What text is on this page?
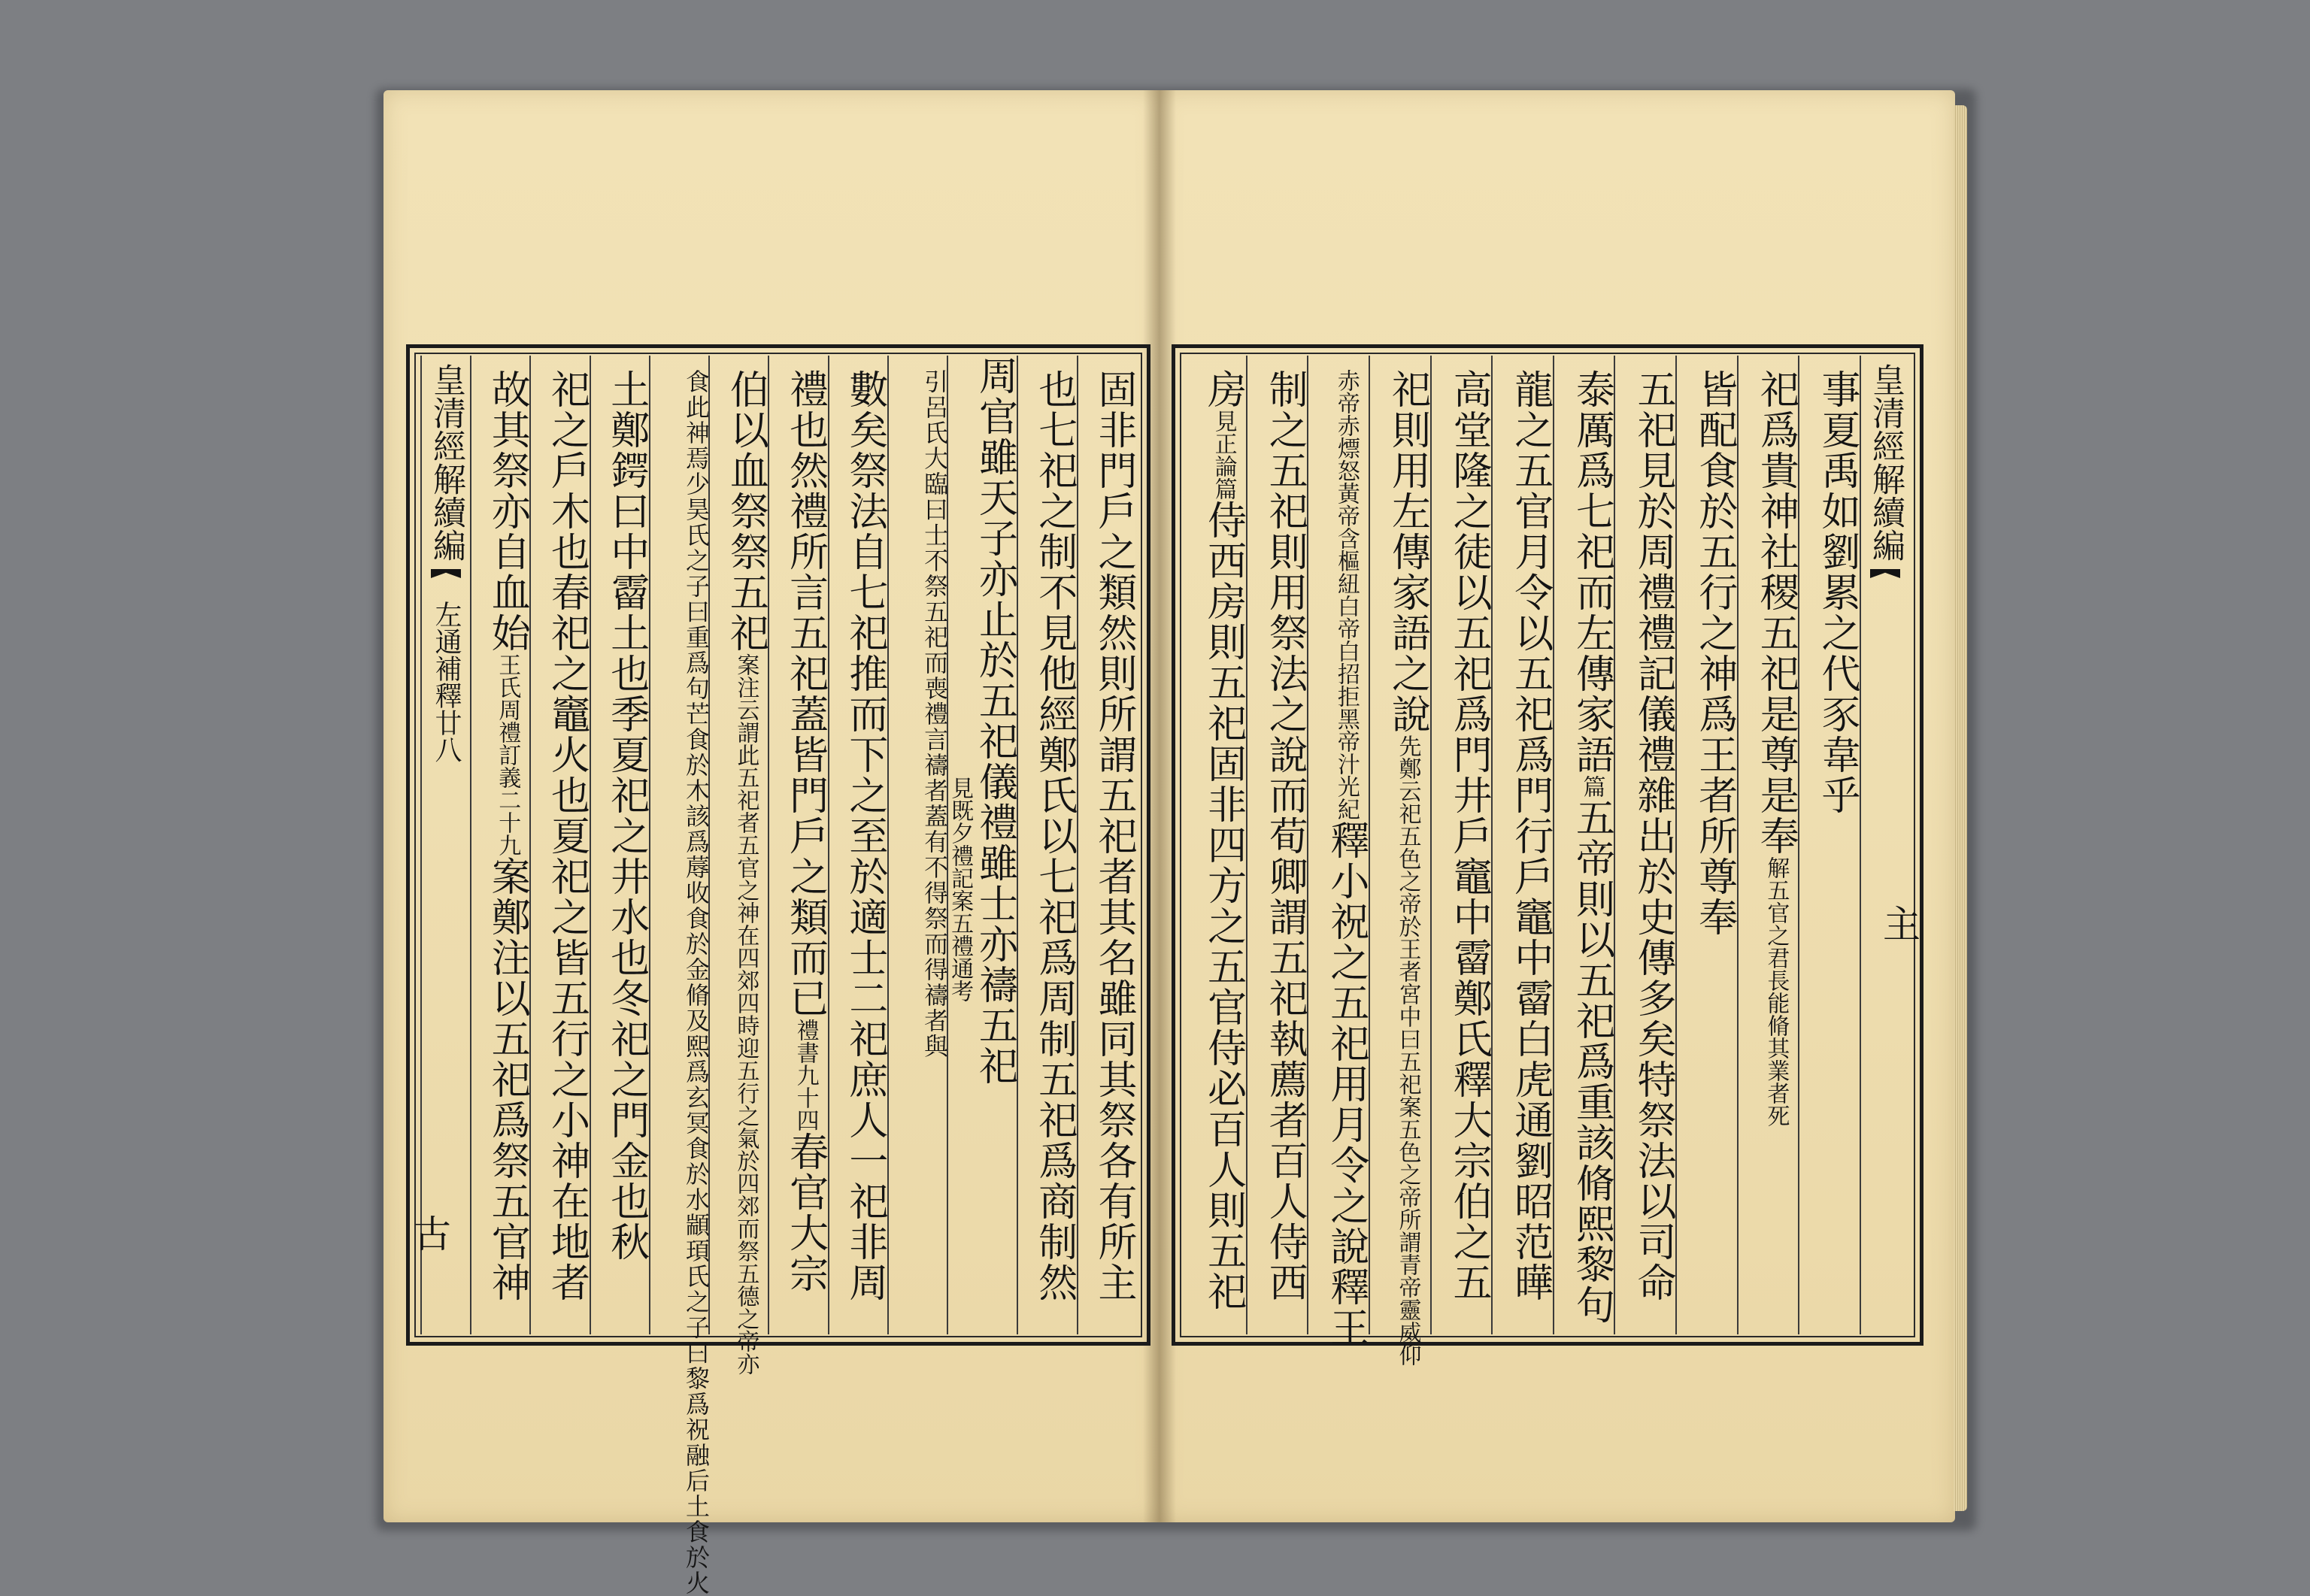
固非門戶之類然則所謂五祀者其名雖同其祭各有所主
也七祀之制不見他經鄭氏以七祀爲周制五祀爲商制然
周官雖天子亦止於五祀儀禮雖士亦禱五祀
見既夕禮記案五禮通考
引呂氏大臨曰士不祭五祀而喪禮言禱者蓋有不得祭而得禱者與
數矣祭法自七祀推而下之至於適士二祀庶人一祀非周
禮也然禮所言五祀蓋皆門戶之類而已禮書九十四春官大宗
伯以血祭祭五祀案注云謂此五祀者五官之神在四郊四時迎五行之氣於四郊而祭五德之帝亦
食此神焉少昊氏之子曰重爲句芒食於木該爲蓐收食於金脩及熙爲玄冥食於水顓頊氏之子曰黎爲祝融后土食於火
土鄭鍔曰中霤土也季夏祀之井水也冬祀之門金也秋
祀之戶木也春祀之竈火也夏祀之皆五行之小神在地者
故其祭亦自血始王氏周禮訂義二十九案鄭注以五祀爲祭五官神
皇清經解續編左通補釋廿八
古
皇清經解續編
事夏禹如劉累之代豕韋乎
祀爲貴神社稷五祀是尊是奉解五官之君長能脩其業者死
皆配食於五行之神爲王者所尊奉
五祀見於周禮禮記儀禮雜出於史傳多矣特祭法以司命
泰厲爲七祀而左傳家語篇五帝則以五祀爲重該脩熙黎句
龍之五官月令以五祀爲門行戶竈中霤白虎通劉昭范曄
高堂隆之徒以五祀爲門井戶竈中霤鄭氏釋大宗伯之五
祀則用左傳家語之說先鄭云祀五色之帝於王者宮中曰五祀案五色之帝所謂青帝靈威仰
赤帝赤熛怒黃帝含樞紐白帝白招拒黑帝汁光紀釋小祝之五祀用月令之說釋王
制之五祀則用祭法之說而荀卿謂五祀執薦者百人侍西
房見正論篇侍西房則五祀固非四方之五官侍必百人則五祀	主
